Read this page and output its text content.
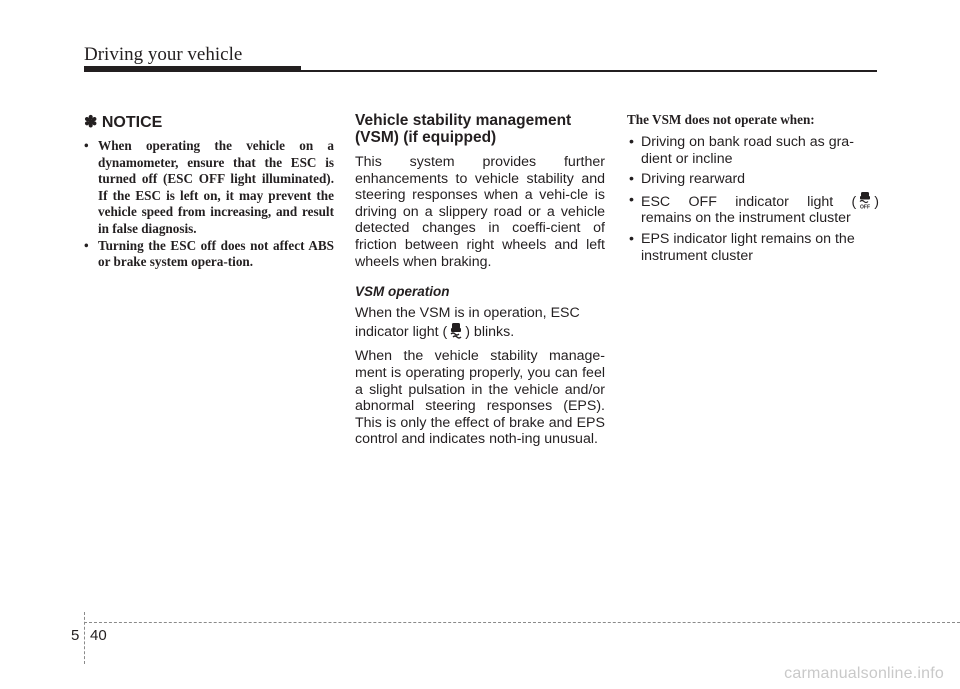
Driving your vehicle
✽ NOTICE
• When operating the vehicle on a dynamometer, ensure that the ESC is turned off (ESC OFF light illuminated). If the ESC is left on, it may prevent the vehicle speed from increasing, and result in false diagnosis.
• Turning the ESC off does not affect ABS or brake system opera-tion.
Vehicle stability management (VSM) (if equipped)

This system provides further enhancements to vehicle stability and steering responses when a vehi-cle is driving on a slippery road or a vehicle detected changes in coeffi-cient of friction between right wheels and left wheels when braking.

VSM operation

When the VSM is in operation, ESC indicator light ( ) blinks.

When the vehicle stability manage-ment is operating properly, you can feel a slight pulsation in the vehicle and/or abnormal steering responses (EPS). This is only the effect of brake and EPS control and indicates noth-ing unusual.

The VSM does not operate when:
• Driving on bank road such as gra-dient or incline
• Driving rearward
• ESC OFF indicator light ( OFF )
remains on the instrument cluster
• EPS indicator light remains on the instrument cluster
5 40
carmanualsonline.info
